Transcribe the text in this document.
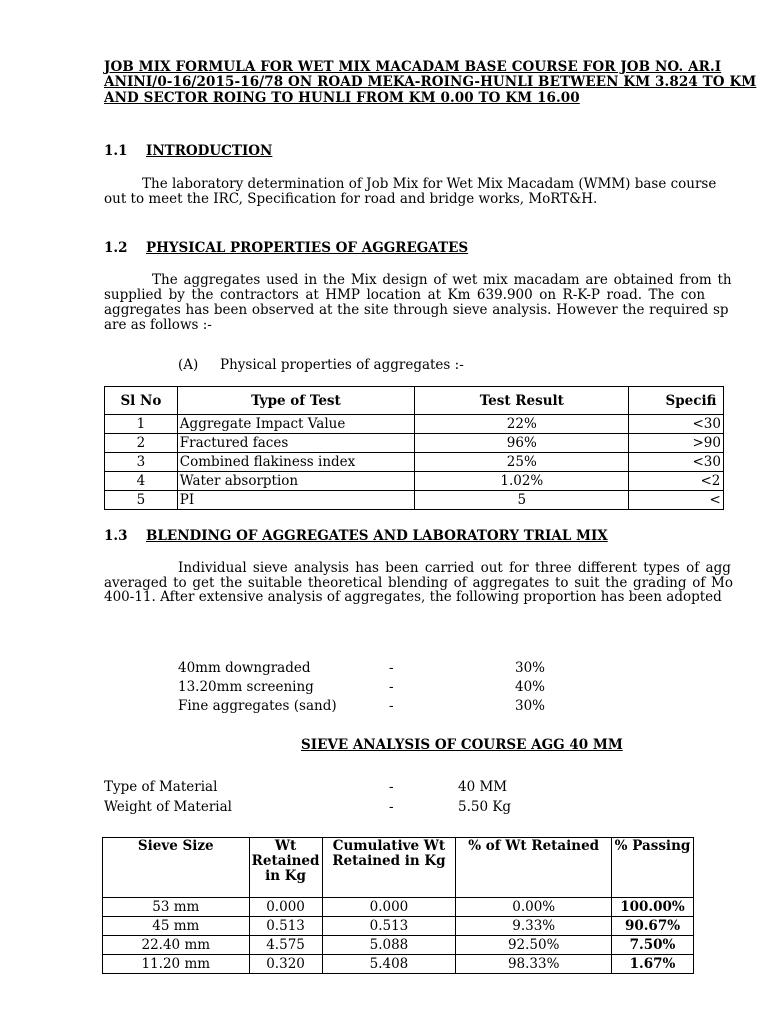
JOB MIX FORMULA FOR WET MIX MACADAM BASE COURSE FOR JOB NO. AR.I
ANINI/0-16/2015-16/78 ON ROAD MEKA-ROING-HUNLI BETWEEN KM 3.824 TO KM
AND SECTOR ROING TO HUNLI FROM KM 0.00 TO KM 16.00
1.1 INTRODUCTION
The laboratory determination of Job Mix for Wet Mix Macadam (WMM) base course
out to meet the IRC, Specification for road and bridge works, MoRT&H.
1.2 PHYSICAL PROPERTIES OF AGGREGATES
The aggregates used in the Mix design of wet mix macadam are obtained from th
supplied by the contractors at HMP location at Km 639.900 on R-K-P road. The con
aggregates has been observed at the site through sieve analysis. However the required sp
are as follows :-
(A) Physical properties of aggregates :-
Sl No	Type of Test	Test Result	Specifi
1	Aggregate Impact Value	22%	<30
2	Fractured faces	96%	>90
3	Combined flakiness index	25%	<30
4	Water absorption	1.02%	<2
5	PI	5	<
1.3 BLENDING OF AGGREGATES AND LABORATORY TRIAL MIX
Individual sieve analysis has been carried out for three different types of agg
averaged to get the suitable theoretical blending of aggregates to suit the grading of Mo
400-11. After extensive analysis of aggregates, the following proportion has been adopted
40mm downgraded	-	30%
13.20mm screening	-	40%
Fine aggregates (sand)	-	30%
SIEVE ANALYSIS OF COURSE AGG 40 MM
Type of Material	-	40 MM
Weight of Material	-	5.50 Kg
Sieve Size	Wt Retained in Kg	Cumulative Wt Retained in Kg	% of Wt Retained	% Passing
53 mm	0.000	0.000	0.00%	100.00%
45 mm	0.513	0.513	9.33%	90.67%
22.40 mm	4.575	5.088	92.50%	7.50%
11.20 mm	0.320	5.408	98.33%	1.67%
